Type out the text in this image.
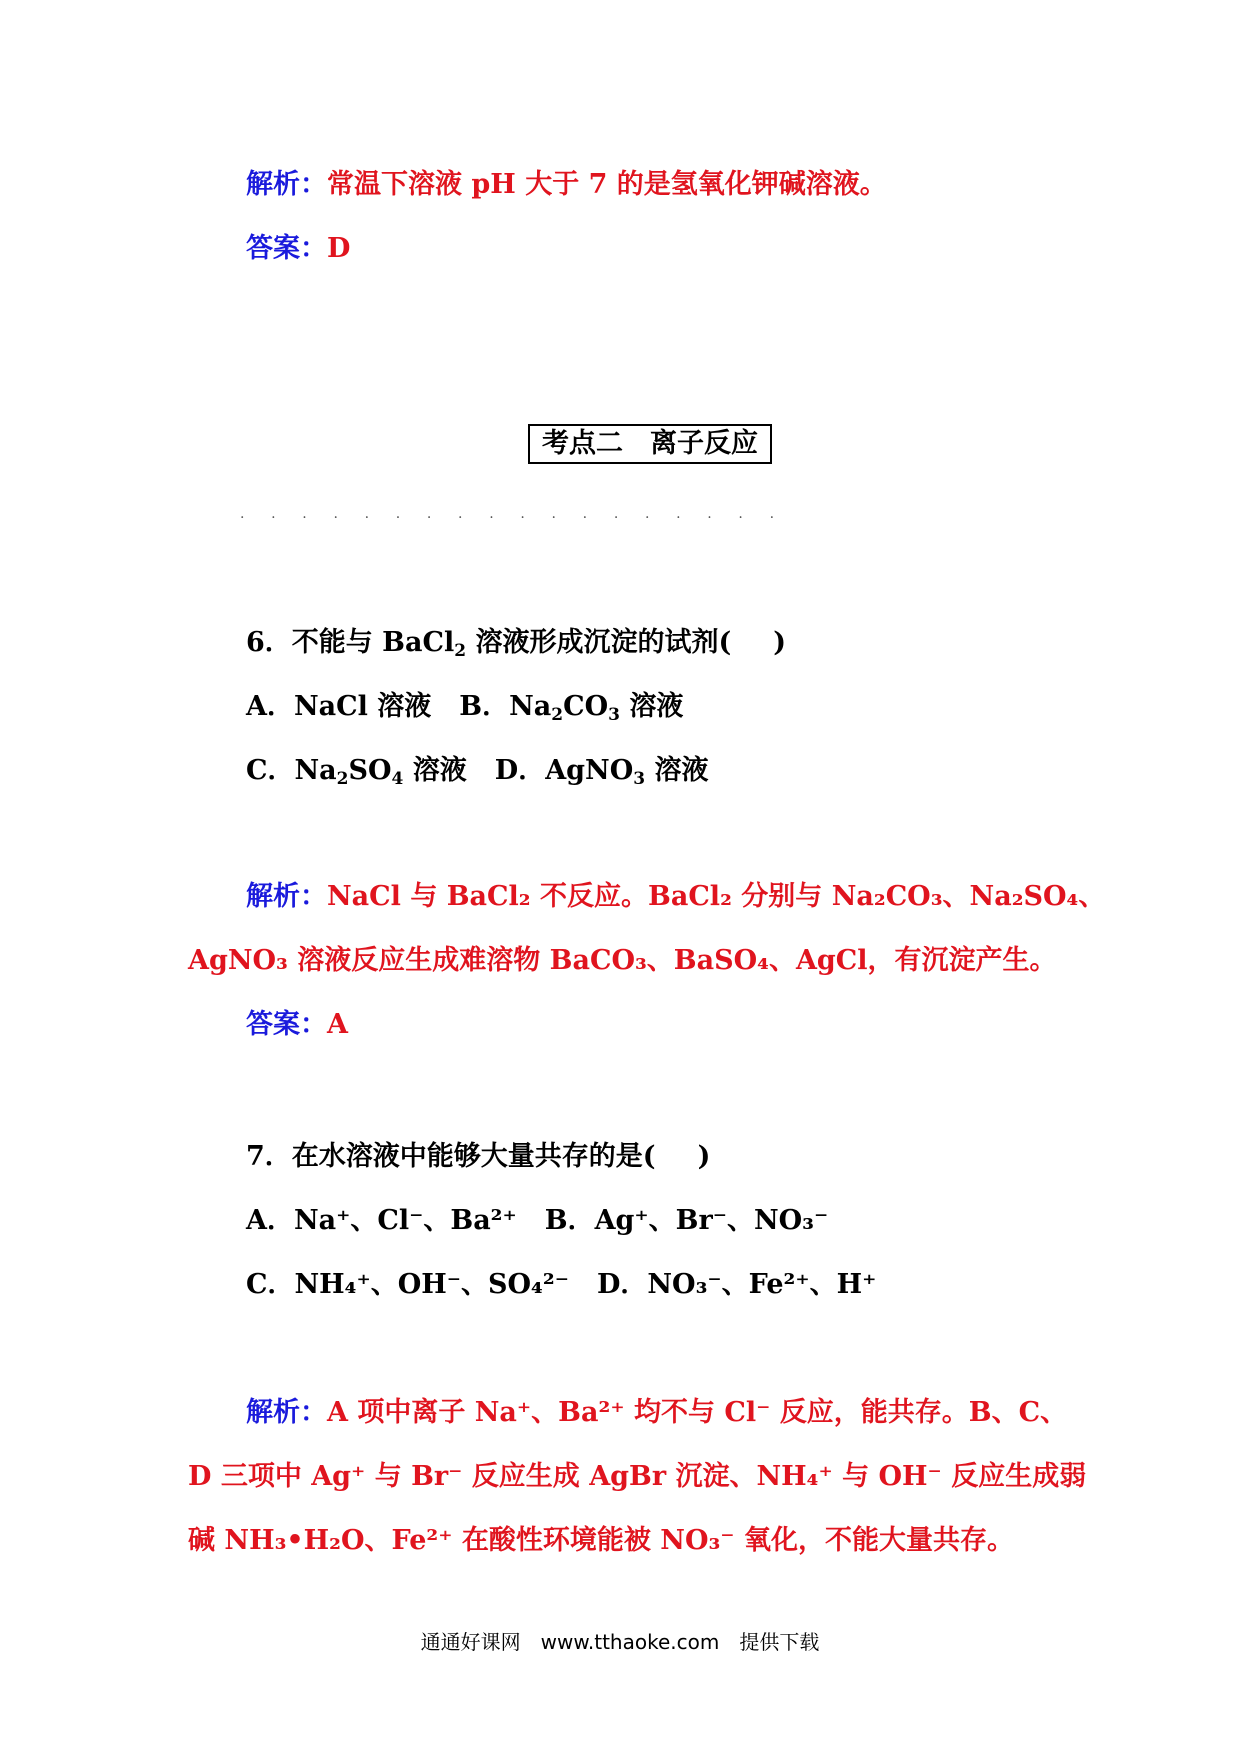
解析：常温下溶液 pH 大于 7 的是氢氧化钾碱溶液。
答案：D
考点二　离子反应
.      .      .      .      .      .      .      .      .      .      .      .      .      .      .      .      .      .
6．不能与 BaCl$_2$ 溶液形成沉淀的试剂( )
A．NaCl 溶液 B．$Na_2CO_3$ 溶液
C．$Na_2SO_4$ 溶液 D．AgNO$_3$ 溶液
解析：NaCl 与 BaCl₂ 不反应。BaCl₂ 分别与 Na₂CO₃、Na₂SO₄、
AgNO₃ 溶液反应生成难溶物 BaCO₃、BaSO₄、AgCl，有沉淀产生。
答案：A
7．在水溶液中能够大量共存的是( )
A．Na⁺、Cl⁻、Ba²⁺ B．Ag⁺、Br⁻、NO₃⁻
C．NH₄⁺、OH⁻、SO₄²⁻ D．NO₃⁻、Fe²⁺、H⁺
解析：A 项中离子 Na⁺、Ba²⁺ 均不与 Cl⁻ 反应，能共存。B、C、
D 三项中 Ag⁺ 与 Br⁻ 反应生成 AgBr 沉淀、NH₄⁺ 与 OH⁻ 反应生成弱
碱 NH₃•H₂O、Fe²⁺ 在酸性环境能被 NO₃⁻ 氧化，不能大量共存。
通通好课网　www.tthaoke.com　提供下载
